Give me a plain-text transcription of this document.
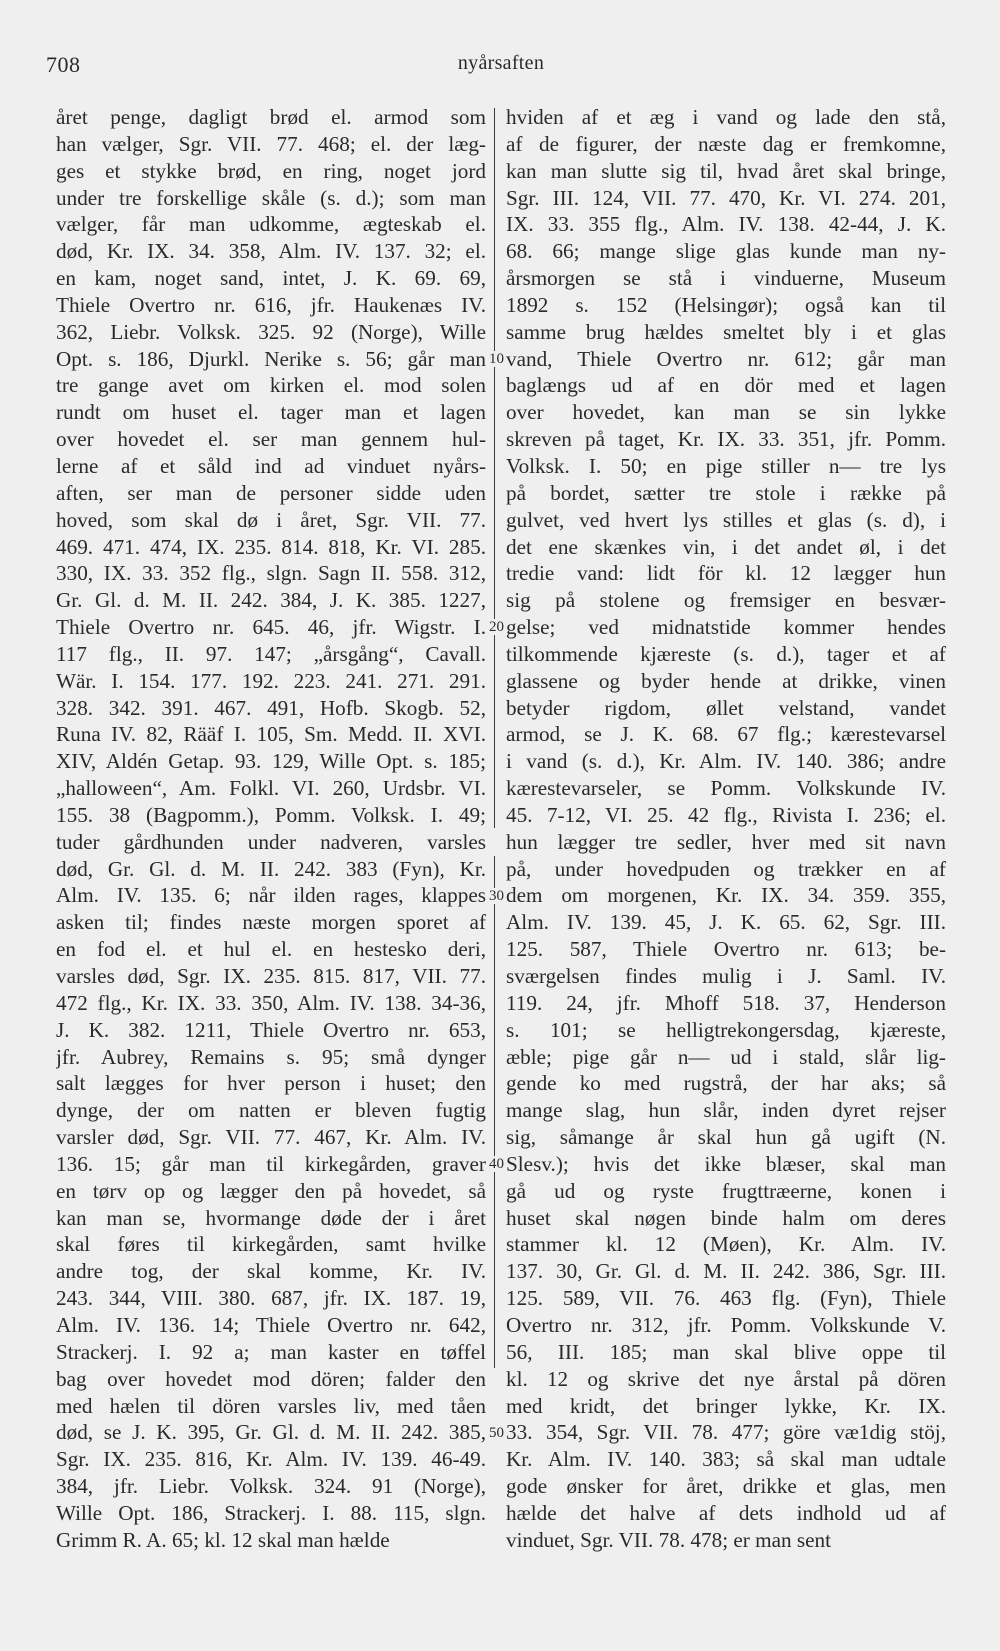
708	nyårsaften
året penge, dagligt brød el. armod som
han vælger, Sgr. VII. 77. 468; el. der læg-
ges et stykke brød, en ring, noget jord
under tre forskellige skåle (s. d.); som man
vælger, får man udkomme, ægteskab el.
død, Kr. IX. 34. 358, Alm. IV. 137. 32; el.
en kam, noget sand, intet, J. K. 69. 69,
Thiele Overtro nr. 616, jfr. Haukenæs IV.
362, Liebr. Volksk. 325. 92 (Norge), Wille
Opt. s. 186, Djurkl. Nerike s. 56; går man
tre gange avet om kirken el. mod solen
rundt om huset el. tager man et lagen
over hovedet el. ser man gennem hul-
lerne af et såld ind ad vinduet nyårs-
aften, ser man de personer sidde uden
hoved, som skal dø i året, Sgr. VII. 77.
469. 471. 474, IX. 235. 814. 818, Kr. VI. 285.
330, IX. 33. 352 flg., slgn. Sagn II. 558. 312,
Gr. Gl. d. M. II. 242. 384, J. K. 385. 1227,
Thiele Overtro nr. 645. 46, jfr. Wigstr. I.
117 flg., II. 97. 147; „årsgång“, Cavall.
Wär. I. 154. 177. 192. 223. 241. 271. 291.
328. 342. 391. 467. 491, Hofb. Skogb. 52,
Runa IV. 82, Rääf I. 105, Sm. Medd. II. XVI.
XIV, Aldén Getap. 93. 129, Wille Opt. s. 185;
„halloween“, Am. Folkl. VI. 260, Urdsbr. VI.
155. 38 (Bagpomm.), Pomm. Volksk. I. 49;
tuder gårdhunden under nadveren, varsles
død, Gr. Gl. d. M. II. 242. 383 (Fyn), Kr.
Alm. IV. 135. 6; når ilden rages, klappes
asken til; findes næste morgen sporet af
en fod el. et hul el. en hestesko deri,
varsles død, Sgr. IX. 235. 815. 817, VII. 77.
472 flg., Kr. IX. 33. 350, Alm. IV. 138. 34-36,
J. K. 382. 1211, Thiele Overtro nr. 653,
jfr. Aubrey, Remains s. 95; små dynger
salt lægges for hver person i huset; den
dynge, der om natten er bleven fugtig
varsler død, Sgr. VII. 77. 467, Kr. Alm. IV.
136. 15; går man til kirkegården, graver
en tørv op og lægger den på hovedet, så
kan man se, hvormange døde der i året
skal føres til kirkegården, samt hvilke
andre tog, der skal komme, Kr. IV.
243. 344, VIII. 380. 687, jfr. IX. 187. 19,
Alm. IV. 136. 14; Thiele Overtro nr. 642,
Strackerj. I. 92 a; man kaster en tøffel
bag over hovedet mod dören; falder den
med hælen til dören varsles liv, med tåen
død, se J. K. 395, Gr. Gl. d. M. II. 242. 385,
Sgr. IX. 235. 816, Kr. Alm. IV. 139. 46-49.
384, jfr. Liebr. Volksk. 324. 91 (Norge),
Wille Opt. 186, Strackerj. I. 88. 115, slgn.
Grimm R. A. 65; kl. 12 skal man hælde
hviden af et æg i vand og lade den stå,
af de figurer, der næste dag er fremkomne,
kan man slutte sig til, hvad året skal bringe,
Sgr. III. 124, VII. 77. 470, Kr. VI. 274. 201,
IX. 33. 355 flg., Alm. IV. 138. 42-44, J. K.
68. 66; mange slige glas kunde man ny-
årsmorgen se stå i vinduerne, Museum
1892 s. 152 (Helsingør); også kan til
samme brug hældes smeltet bly i et glas
vand, Thiele Overtro nr. 612; går man
baglængs ud af en dör med et lagen
over hovedet, kan man se sin lykke
skreven på taget, Kr. IX. 33. 351, jfr. Pomm.
Volksk. I. 50; en pige stiller n— tre lys
på bordet, sætter tre stole i række på
gulvet, ved hvert lys stilles et glas (s. d), i
det ene skænkes vin, i det andet øl, i det
tredie vand: lidt för kl. 12 lægger hun
sig på stolene og fremsiger en besvær-
gelse; ved midnatstide kommer hendes
tilkommende kjæreste (s. d.), tager et af
glassene og byder hende at drikke, vinen
betyder rigdom, øllet velstand, vandet
armod, se J. K. 68. 67 flg.; kærestevarsel
i vand (s. d.), Kr. Alm. IV. 140. 386; andre
kærestevarseler, se Pomm. Volkskunde IV.
45. 7-12, VI. 25. 42 flg., Rivista I. 236; el.
hun lægger tre sedler, hver med sit navn
på, under hovedpuden og trækker en af
dem om morgenen, Kr. IX. 34. 359. 355,
Alm. IV. 139. 45, J. K. 65. 62, Sgr. III.
125. 587, Thiele Overtro nr. 613; be-
sværgelsen findes mulig i J. Saml. IV.
119. 24, jfr. Mhoff 518. 37, Henderson
s. 101; se helligtrekongersdag, kjæreste,
æble; pige går n— ud i stald, slår lig-
gende ko med rugstrå, der har aks; så
mange slag, hun slår, inden dyret rejser
sig, såmange år skal hun gå ugift (N.
Slesv.); hvis det ikke blæser, skal man
gå ud og ryste frugttræerne, konen i
huset skal nøgen binde halm om deres
stammer kl. 12 (Møen), Kr. Alm. IV.
137. 30, Gr. Gl. d. M. II. 242. 386, Sgr. III.
125. 589, VII. 76. 463 flg. (Fyn), Thiele
Overtro nr. 312, jfr. Pomm. Volkskunde V.
56, III. 185; man skal blive oppe til
kl. 12 og skrive det nye årstal på dören
med kridt, det bringer lykke, Kr. IX.
33. 354, Sgr. VII. 78. 477; göre væ1dig stöj,
Kr. Alm. IV. 140. 383; så skal man udtale
gode ønsker for året, drikke et glas, men
hælde det halve af dets indhold ud af
vinduet, Sgr. VII. 78. 478; er man sent
10
20
30
40
50
